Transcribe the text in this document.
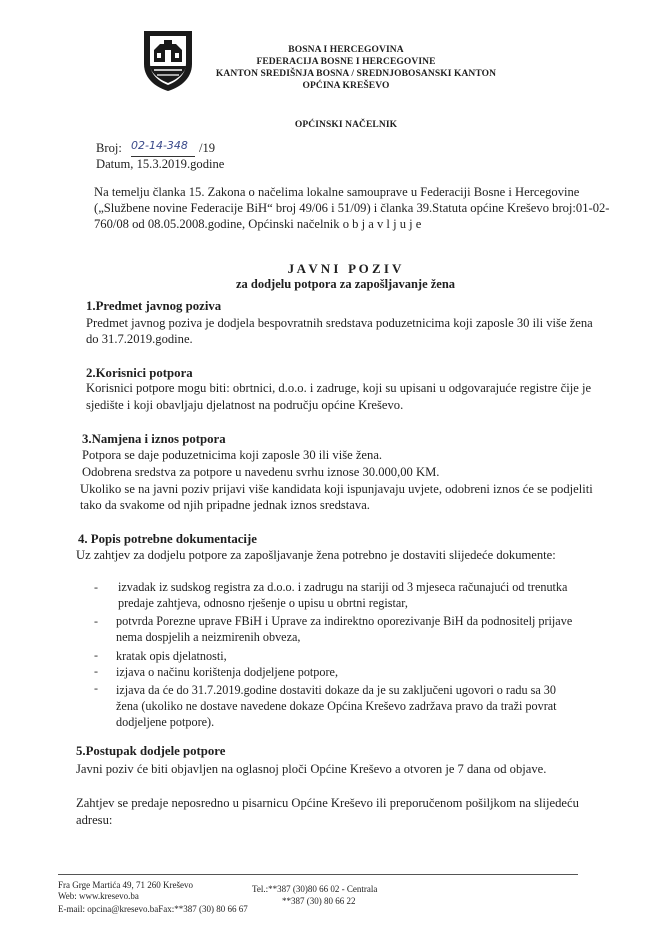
BOSNA I HERCEGOVINA
FEDERACIJA BOSNE I HERCEGOVINE
KANTON SREDIŠNJA BOSNA / SREDNJOBOSANSKI KANTON
OPĆINA KREŠEVO
OPĆINSKI NAČELNIK
Broj: 02-14-348 /19
Datum, 15.3.2019.godine
Na temelju članka 15. Zakona o načelima lokalne samouprave u Federaciji Bosne i Hercegovine
(„Službene novine Federacije BiH“ broj 49/06 i 51/09) i članka 39.Statuta općine Kreševo broj:01-02-
760/08 od 08.05.2008.godine, Općinski načelnik o b j a v l j u j e
J A V N I   P O Z I V
za dodjelu potpora za zapošljavanje žena
1.Predmet javnog poziva
Predmet javnog poziva je dodjela bespovratnih sredstava poduzetnicima koji zaposle 30 ili više žena
do 31.7.2019.godine.
2.Korisnici potpora
Korisnici potpore mogu biti: obrtnici, d.o.o. i zadruge, koji su upisani u odgovarajuće registre čije je
sjedište i koji obavljaju djelatnost na području općine Kreševo.
3.Namjena i iznos potpora
Potpora se daje poduzetnicima koji zaposle 30 ili više žena.
Odobrena sredstva za potpore u navedenu svrhu iznose 30.000,00 KM.
Ukoliko se na javni poziv prijavi više kandidata koji ispunjavaju uvjete, odobreni iznos će se podjeliti
tako da svakome od njih pripadne jednak iznos sredstava.
4. Popis potrebne dokumentacije
Uz zahtjev za dodjelu potpore za zapošljavanje žena potrebno je dostaviti slijedeće dokumente:
- izvadak iz sudskog registra za d.o.o. i zadrugu na stariji od 3 mjeseca računajući od trenutka
predaje zahtjeva, odnosno rješenje o upisu u obrtni registar,
- potvrda Porezne uprave FBiH i Uprave za indirektno oporezivanje BiH da podnositelj prijave
nema dospjelih a neizmirenih obveza,
- kratak opis djelatnosti,
- izjava o načinu korištenja dodjeljene potpore,
- izjava da će do 31.7.2019.godine dostaviti dokaze da je su zaključeni ugovori o radu sa 30
žena (ukoliko ne dostave navedene dokaze Općina Kreševo zadržava pravo da traži povrat
dodjeljene potpore).
5.Postupak dodjele potpore
Javni poziv će biti objavljen na oglasnoj ploči Općine Kreševo a otvoren je 7 dana od objave.
Zahtjev se predaje neposredno u pisarnicu Općine Kreševo ili preporučenom pošiljkom na slijedeću
adresu:
Fra Grge Martića 49, 71 260 Kreševo
Web: www.kresevo.ba
E-mail: opcina@kresevo.baFax:**387 (30) 80 66 67
Tel.:**387 (30)80 66 02 - Centrala
**387 (30) 80 66 22
